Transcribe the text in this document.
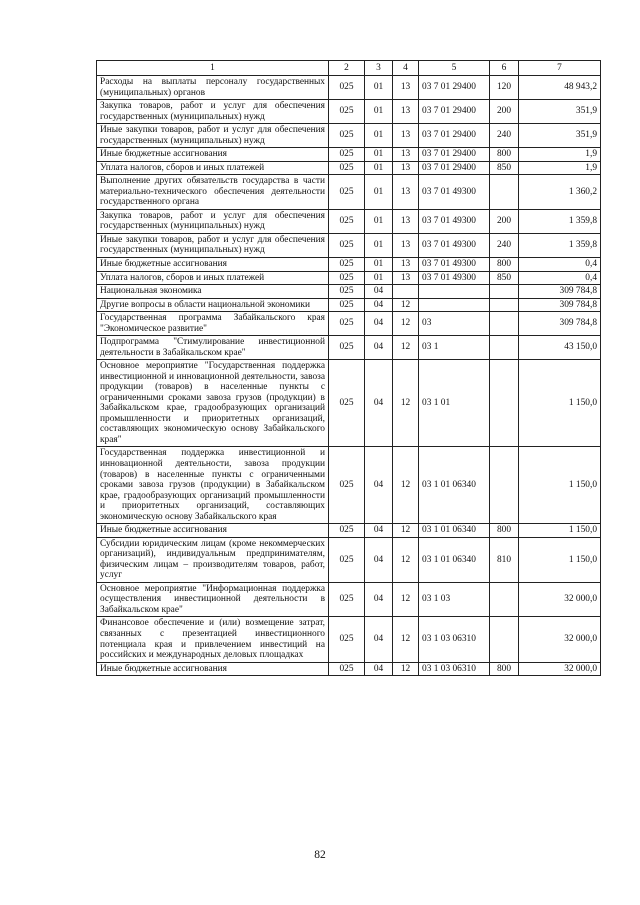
1	2	3	4	5	6	7
Расходы на выплаты персоналу государственных (муниципальных) органов	025	01	13	03 7 01 29400	120	48 943,2
Закупка товаров, работ и услуг для обеспечения государственных (муниципальных) нужд	025	01	13	03 7 01 29400	200	351,9
Иные закупки товаров, работ и услуг для обеспечения государственных (муниципальных) нужд	025	01	13	03 7 01 29400	240	351,9
Иные бюджетные ассигнования	025	01	13	03 7 01 29400	800	1,9
Уплата налогов, сборов и иных платежей	025	01	13	03 7 01 29400	850	1,9
Выполнение других обязательств государства в части материально-технического обеспечения деятельности государственного органа	025	01	13	03 7 01 49300		1 360,2
Закупка товаров, работ и услуг для обеспечения государственных (муниципальных) нужд	025	01	13	03 7 01 49300	200	1 359,8
Иные закупки товаров, работ и услуг для обеспечения государственных (муниципальных) нужд	025	01	13	03 7 01 49300	240	1 359,8
Иные бюджетные ассигнования	025	01	13	03 7 01 49300	800	0,4
Уплата налогов, сборов и иных платежей	025	01	13	03 7 01 49300	850	0,4
Национальная экономика	025	04				309 784,8
Другие вопросы в области национальной экономики	025	04	12			309 784,8
Государственная программа Забайкальского края "Экономическое развитие"	025	04	12	03		309 784,8
Подпрограмма "Стимулирование инвестиционной деятельности в Забайкальском крае"	025	04	12	03 1		43 150,0
Основное мероприятие "Государственная поддержка инвестиционной и инновационной деятельности, завоза продукции (товаров) в населенные пункты с ограниченными сроками завоза грузов (продукции) в Забайкальском крае, градообразующих организаций промышленности и приоритетных организаций, составляющих экономическую основу Забайкальского края"	025	04	12	03 1 01		1 150,0
Государственная поддержка инвестиционной и инновационной деятельности, завоза продукции (товаров) в населенные пункты с ограниченными сроками завоза грузов (продукции) в Забайкальском крае, градообразующих организаций промышленности и приоритетных организаций, составляющих экономическую основу Забайкальского края	025	04	12	03 1 01 06340		1 150,0
Иные бюджетные ассигнования	025	04	12	03 1 01 06340	800	1 150,0
Субсидии юридическим лицам (кроме некоммерческих организаций), индивидуальным предпринимателям, физическим лицам – производителям товаров, работ, услуг	025	04	12	03 1 01 06340	810	1 150,0
Основное мероприятие "Информационная поддержка осуществления инвестиционной деятельности в Забайкальском крае"	025	04	12	03 1 03		32 000,0
Финансовое обеспечение и (или) возмещение затрат, связанных с презентацией инвестиционного потенциала края и привлечением инвестиций на российских и международных деловых площадках	025	04	12	03 1 03 06310		32 000,0
Иные бюджетные ассигнования	025	04	12	03 1 03 06310	800	32 000,0
82
